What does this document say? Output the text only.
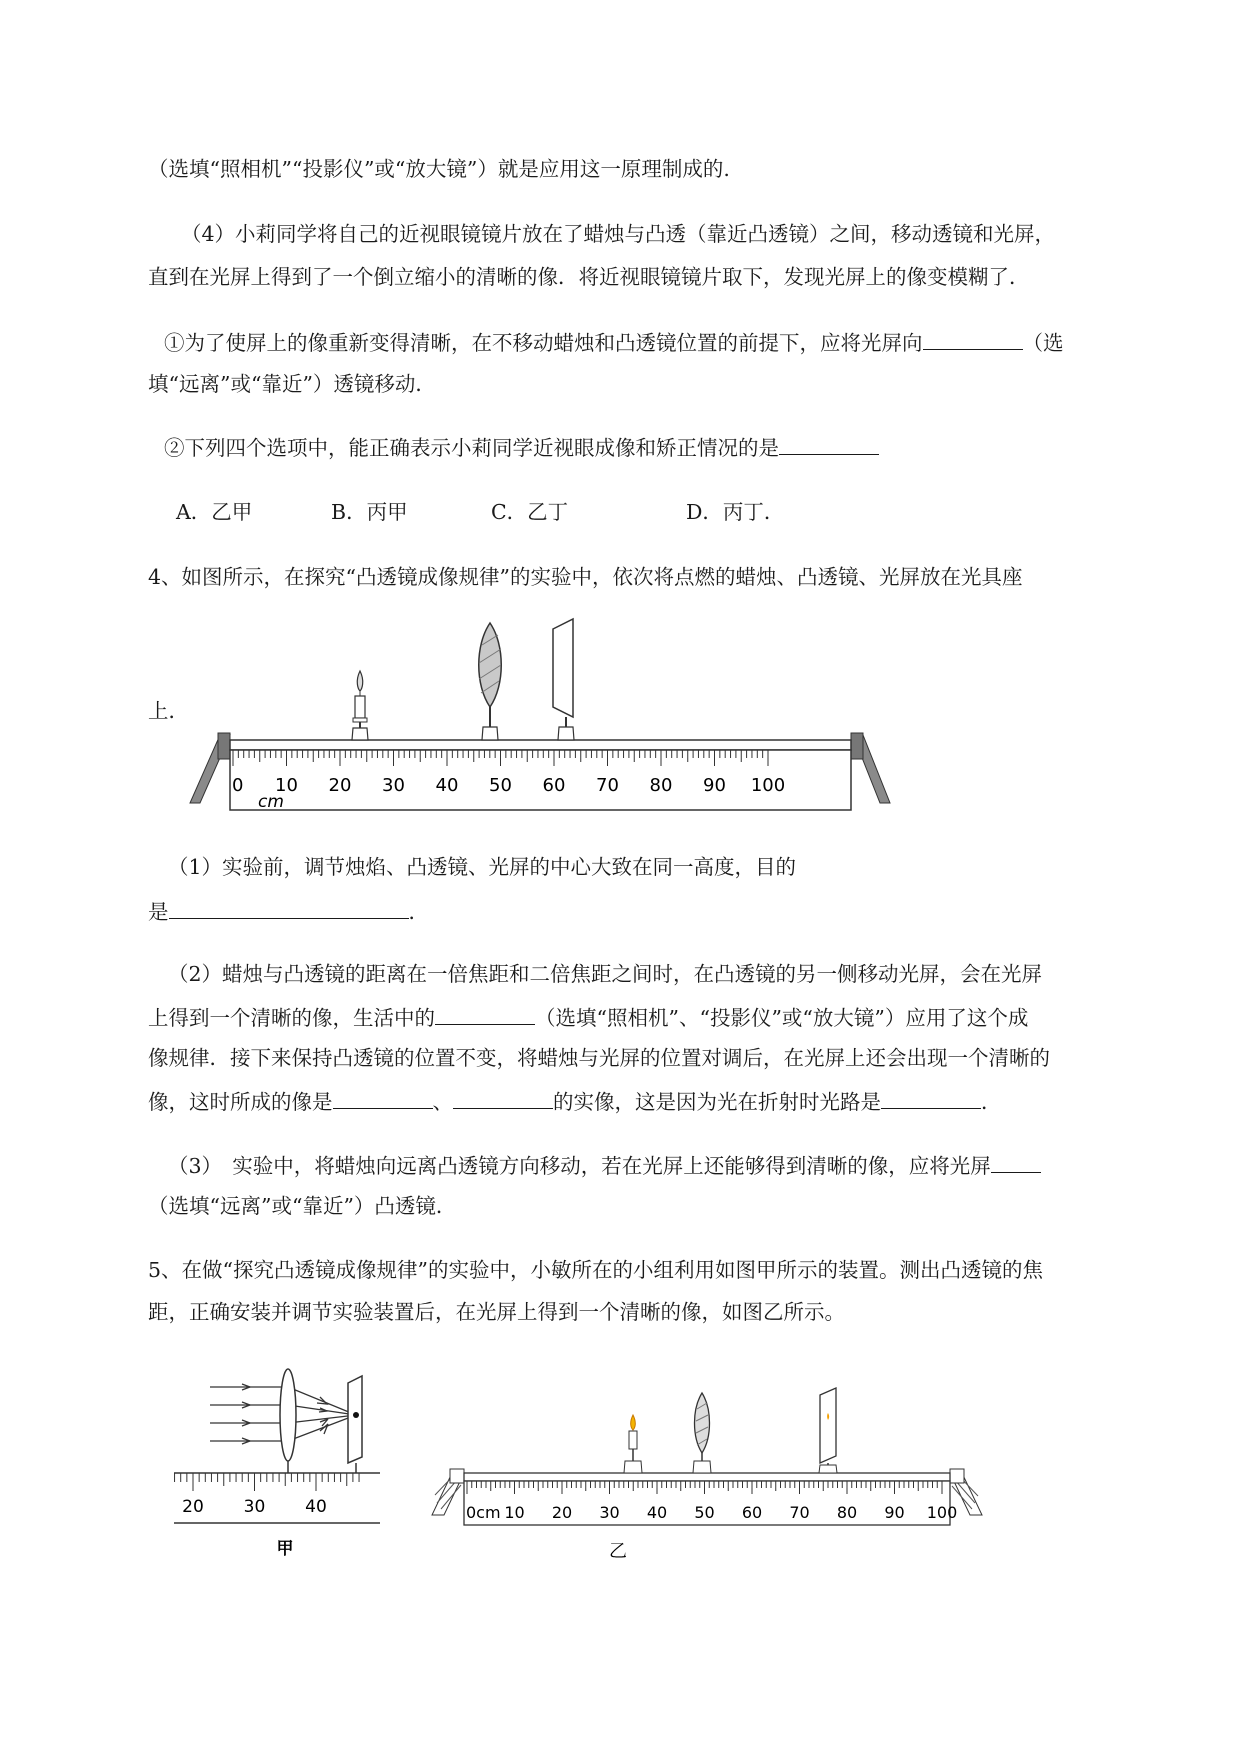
（选填“照相机”“投影仪”或“放大镜”）就是应用这一原理制成的.
（4）小莉同学将自己的近视眼镜镜片放在了蜡烛与凸透（靠近凸透镜）之间，移动透镜和光屏，
直到在光屏上得到了一个倒立缩小的清晰的像．将近视眼镜镜片取下，发现光屏上的像变模糊了．
①为了使屏上的像重新变得清晰，在不移动蜡烛和凸透镜位置的前提下，应将光屏向	（选
填“远离”或“靠近”）透镜移动．
②下列四个选项中，能正确表示小莉同学近视眼成像和矫正情况的是
A．乙甲	B．丙甲	C．乙丁	D．丙丁．
4、如图所示，在探究“凸透镜成像规律”的实验中，依次将点燃的蜡烛、凸透镜、光屏放在光具座
上．
0 10 20 30 40 50 60 70 80 90 100
cm
（1）实验前，调节烛焰、凸透镜、光屏的中心大致在同一高度，目的
是	．
（2）蜡烛与凸透镜的距离在一倍焦距和二倍焦距之间时，在凸透镜的另一侧移动光屏，会在光屏
上得到一个清晰的像，生活中的	（选填“照相机”、“投影仪”或“放大镜”）应用了这个成
像规律．接下来保持凸透镜的位置不变，将蜡烛与光屏的位置对调后，在光屏上还会出现一个清晰的
像，这时所成的像是	、	的实像，这是因为光在折射时光路是	．
（3）　实验中，将蜡烛向远离凸透镜方向移动，若在光屏上还能够得到清晰的像，应将光屏
（选填“远离”或“靠近”）凸透镜．
5、在做“探究凸透镜成像规律”的实验中，小敏所在的小组利用如图甲所示的装置。测出凸透镜的焦
距，正确安装并调节实验装置后，在光屏上得到一个清晰的像，如图乙所示。
20 30 40
甲
0cm 10 20 30 40 50 60 70 80 90 100
乙
